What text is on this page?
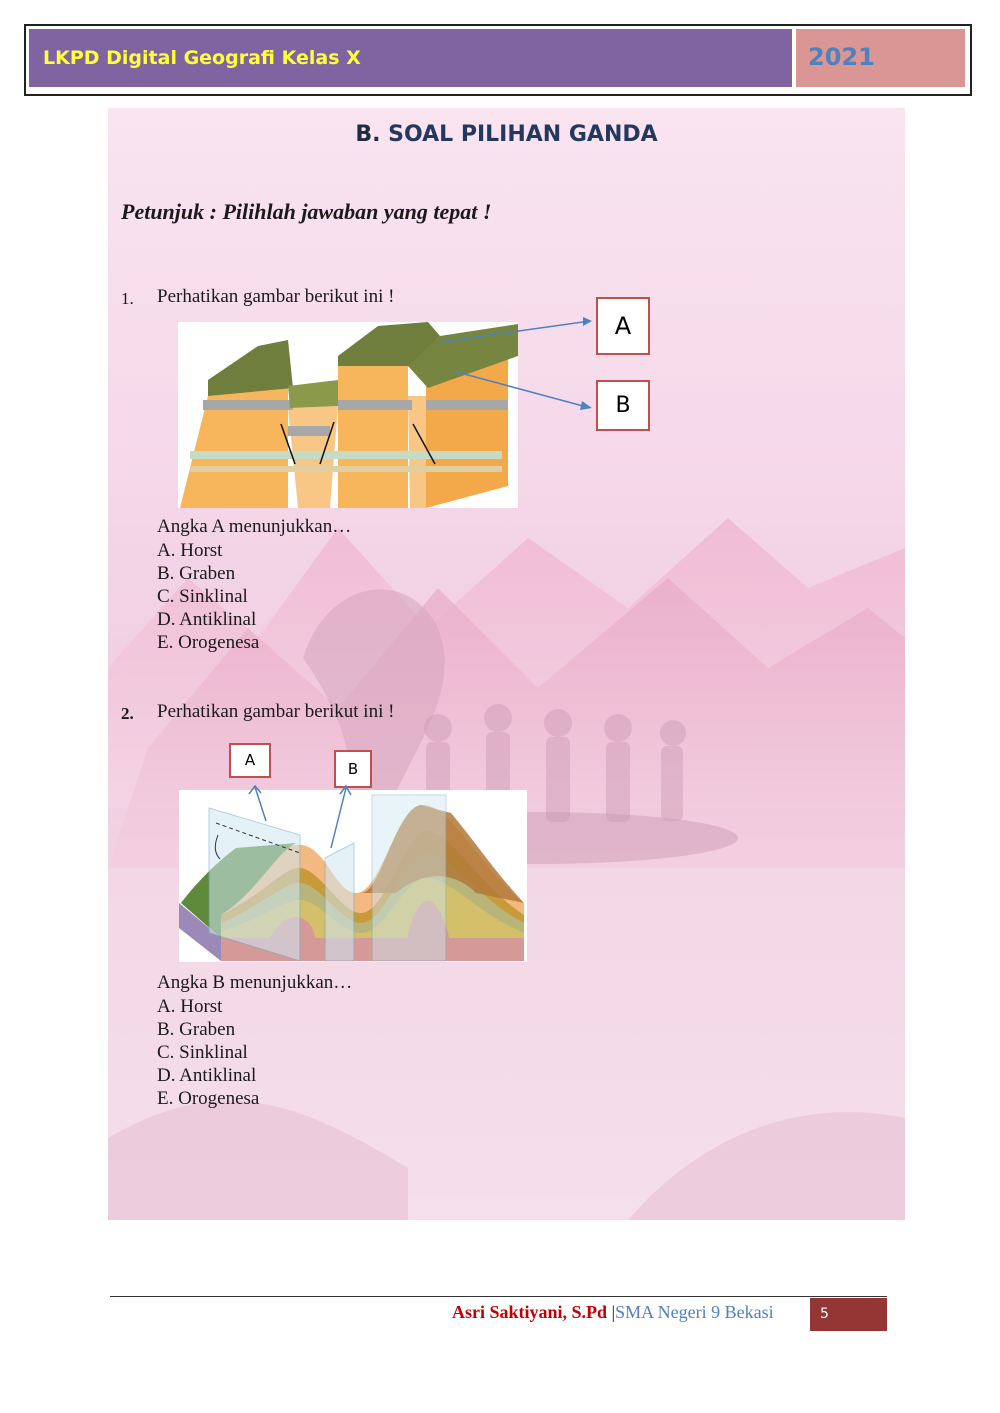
LKPD Digital Geografi Kelas X	2021
B. SOAL PILIHAN GANDA
Petunjuk : Pilihlah jawaban yang tepat !
1. Perhatikan gambar berikut ini !
A
B
Angka A menunjukkan…
A. Horst
B. Graben
C. Sinklinal
D. Antiklinal
E. Orogenesa
2. Perhatikan gambar berikut ini !
A	B
Angka B menunjukkan…
A. Horst
B. Graben
C. Sinklinal
D. Antiklinal
E. Orogenesa
Asri Saktiyani, S.Pd |SMA Negeri 9 Bekasi	5
